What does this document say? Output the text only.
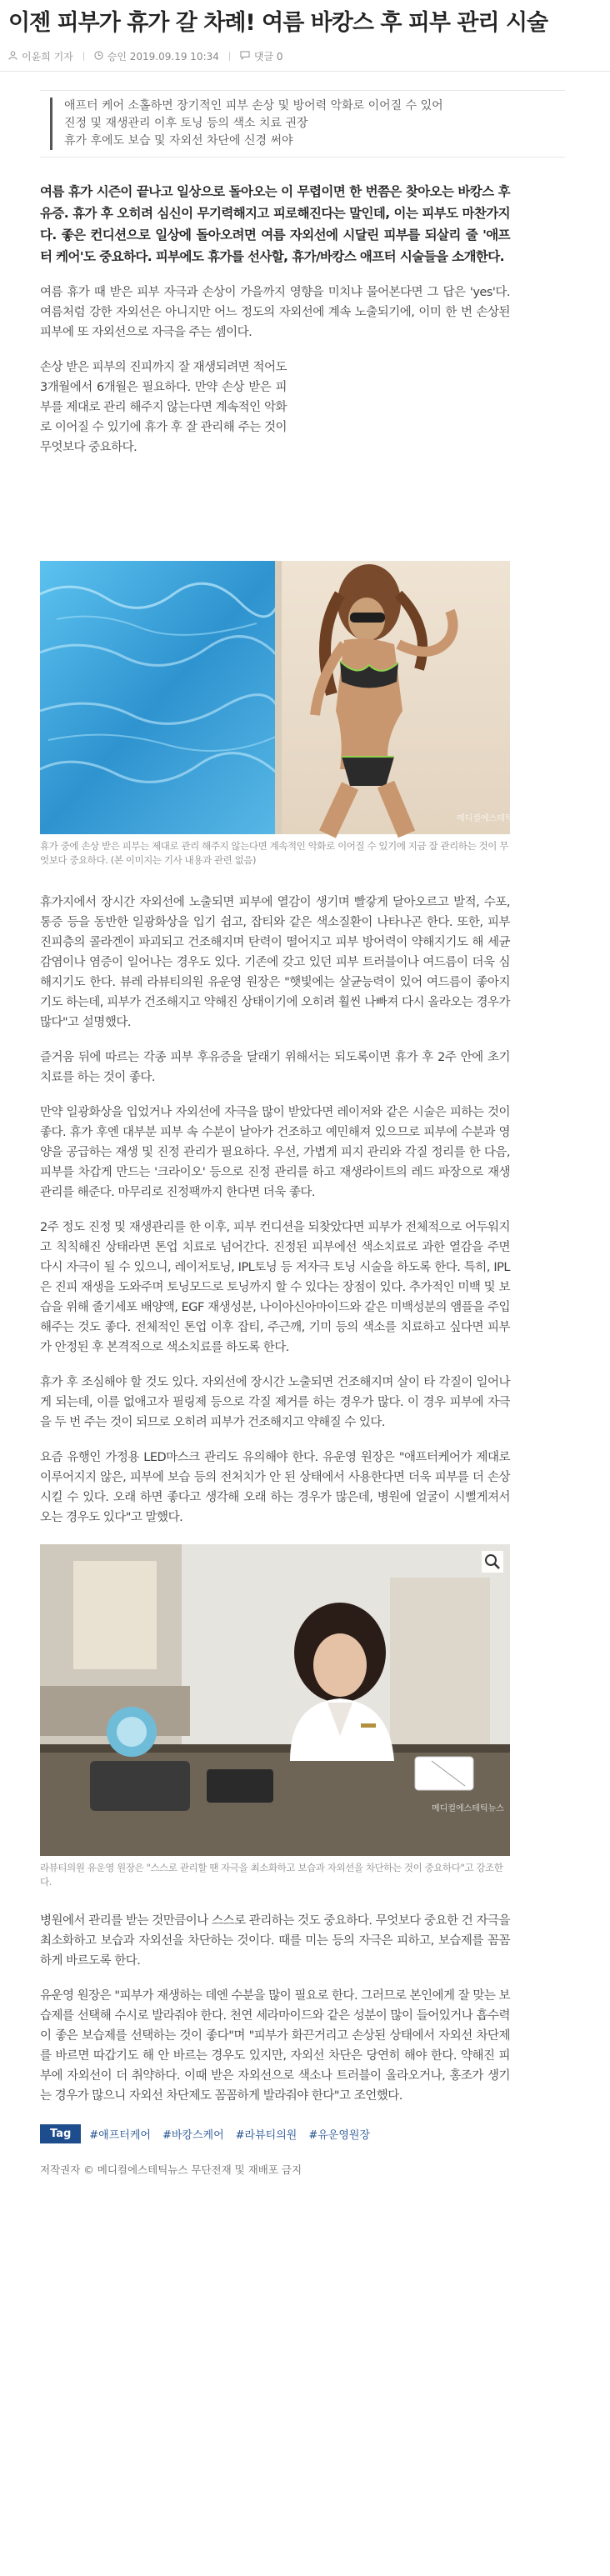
이젠 피부가 휴가 갈 차례! 여름 바캉스 후 피부 관리 시술
이윤희 기자	승인 2019.09.19 10:34	댓글 0

애프터 케어 소홀하면 장기적인 피부 손상 및 방어력 악화로 이어질 수 있어

진정 및 재생관리 이후 토닝 등의 색소 치료 권장

휴가 후에도 보습 및 자외선 차단에 신경 써야

여름 휴가 시즌이 끝나고 일상으로 돌아오는 이 무렵이면 한 번쯤은 찾아오는 바캉스 후유증. 휴가 후 오히려 심신이 무기력해지고 피로해진다는 말인데, 이는 피부도 마찬가지다. 좋은 컨디션으로 일상에 돌아오려면 여름 자외선에 시달린 피부를 되살리 줄 '애프터 케어'도 중요하다. 피부에도 휴가를 선사할, 휴가/바캉스 애프터 시술들을 소개한다.

여름 휴가 때 받은 피부 자극과 손상이 가을까지 영향을 미치냐 물어본다면 그 답은 'yes'다. 여름처럼 강한 자외선은 아니지만 어느 정도의 자외선에 계속 노출되기에, 이미 한 번 손상된 피부에 또 자외선으로 자극을 주는 셈이다.

손상 받은 피부의 진피까지 잘 재생되려면 적어도 3개월에서 6개월은 필요하다. 만약 손상 받은 피부를 제대로 관리 해주지 않는다면 계속적인 악화로 이어질 수 있기에 휴가 후 잘 관리해 주는 것이 무엇보다 중요하다.

메디컬에스테틱뉴스

휴가 중에 손상 받은 피부는 제대로 관리 해주지 않는다면 계속적인 악화로 이어질 수 있기에 지금 잘 관리하는 것이 무엇보다 중요하다. (본 이미지는 기사 내용과 관련 없음)

휴가지에서 장시간 자외선에 노출되면 피부에 열감이 생기며 빨갛게 달아오르고 발적, 수포, 통증 등을 동반한 일광화상을 입기 쉽고, 잡티와 같은 색소질환이 나타나곤 한다. 또한, 피부 진피층의 콜라겐이 파괴되고 건조해지며 탄력이 떨어지고 피부 방어력이 약해지기도 해 세균 감염이나 염증이 일어나는 경우도 있다. 기존에 갖고 있던 피부 트러블이나 여드름이 더욱 심해지기도 한다. 뷰레 라뷰티의원 유운영 원장은 "햇빛에는 살균능력이 있어 여드름이 좋아지기도 하는데, 피부가 건조해지고 약해진 상태이기에 오히려 훨씬 나빠져 다시 올라오는 경우가 많다"고 설명했다.

즐거움 뒤에 따르는 각종 피부 후유증을 달래기 위해서는 되도록이면 휴가 후 2주 안에 초기 치료를 하는 것이 좋다.

만약 일광화상을 입었거나 자외선에 자극을 많이 받았다면 레이저와 같은 시술은 피하는 것이 좋다. 휴가 후엔 대부분 피부 속 수분이 날아가 건조하고 예민해져 있으므로 피부에 수분과 영양을 공급하는 재생 및 진정 관리가 필요하다. 우선, 가볍게 피지 관리와 각질 정리를 한 다음, 피부를 차갑게 만드는 '크라이오' 등으로 진정 관리를 하고 재생라이트의 레드 파장으로 재생 관리를 해준다. 마무리로 진정팩까지 한다면 더욱 좋다.

2주 정도 진정 및 재생관리를 한 이후, 피부 컨디션을 되찾았다면 피부가 전체적으로 어두워지고 칙칙해진 상태라면 톤업 치료로 넘어간다. 진정된 피부에선 색소치료로 과한 열감을 주면 다시 자극이 될 수 있으니, 레이저토닝, IPL토닝 등 저자극 토닝 시술을 하도록 한다. 특히, IPL은 진피 재생을 도와주며 토닝모드로 토닝까지 할 수 있다는 장점이 있다. 추가적인 미백 및 보습을 위해 줄기세포 배양액, EGF 재생성분, 나이아신아마이드와 같은 미백성분의 앰플을 주입해주는 것도 좋다. 전체적인 톤업 이후 잡티, 주근깨, 기미 등의 색소를 치료하고 싶다면 피부가 안정된 후 본격적으로 색소치료를 하도록 한다.

휴가 후 조심해야 할 것도 있다. 자외선에 장시간 노출되면 건조해지며 살이 타 각질이 일어나게 되는데, 이를 없애고자 필링제 등으로 각질 제거를 하는 경우가 많다. 이 경우 피부에 자극을 두 번 주는 것이 되므로 오히려 피부가 건조해지고 약해질 수 있다.

요즘 유행인 가정용 LED마스크 관리도 유의해야 한다. 유운영 원장은 "애프터케어가 제대로 이루어지지 않은, 피부에 보습 등의 전처치가 안 된 상태에서 사용한다면 더욱 피부를 더 손상시킬 수 있다. 오래 하면 좋다고 생각해 오래 하는 경우가 많은데, 병원에 얼굴이 시뻘게져서 오는 경우도 있다"고 말했다.

메디컬에스테틱뉴스

라뷰티의원 유운영 원장은 "스스로 관리할 땐 자극을 최소화하고 보습과 자외선을 차단하는 것이 중요하다"고 강조한다.

병원에서 관리를 받는 것만큼이나 스스로 관리하는 것도 중요하다. 무엇보다 중요한 건 자극을 최소화하고 보습과 자외선을 차단하는 것이다. 때를 미는 등의 자극은 피하고, 보습제를 꼼꼼하게 바르도록 한다.

유운영 원장은 "피부가 재생하는 데엔 수분을 많이 필요로 한다. 그러므로 본인에게 잘 맞는 보습제를 선택해 수시로 발라줘야 한다. 천연 세라마이드와 같은 성분이 많이 들어있거나 흡수력이 좋은 보습제를 선택하는 것이 좋다"며 "피부가 화끈거리고 손상된 상태에서 자외선 차단제를 바르면 따갑기도 해 안 바르는 경우도 있지만, 자외선 차단은 당연히 해야 한다. 약해진 피부에 자외선이 더 취약하다. 이때 받은 자외선으로 색소나 트러블이 올라오거나, 홍조가 생기는 경우가 많으니 자외선 차단제도 꼼꼼하게 발라줘야 한다"고 조언했다.

Tag	#애프터케어 #바캉스케어 #라뷰티의원 #유운영원장

저작권자 © 메디컬에스테틱뉴스 무단전재 및 재배포 금지
